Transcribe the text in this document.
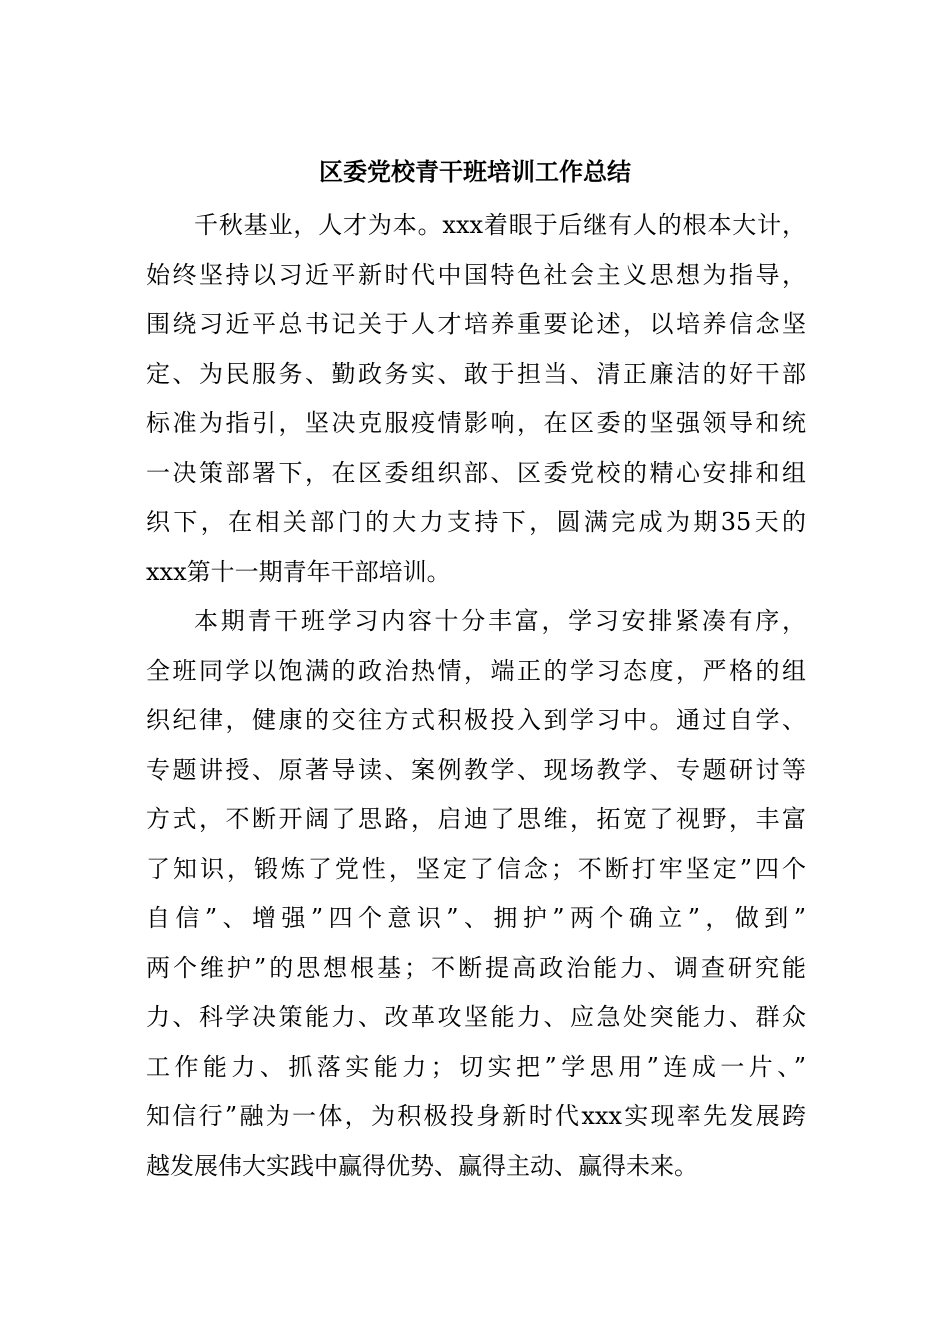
区委党校青干班培训工作总结
千秋基业，人才为本。xxx着眼于后继有人的根本大计，
始终坚持以习近平新时代中国特色社会主义思想为指导，
围绕习近平总书记关于人才培养重要论述，以培养信念坚
定、为民服务、勤政务实、敢于担当、清正廉洁的好干部
标准为指引，坚决克服疫情影响，在区委的坚强领导和统
一决策部署下，在区委组织部、区委党校的精心安排和组
织下，在相关部门的大力支持下，圆满完成为期35天的
xxx第十一期青年干部培训。
本期青干班学习内容十分丰富，学习安排紧凑有序，
全班同学以饱满的政治热情，端正的学习态度，严格的组
织纪律，健康的交往方式积极投入到学习中。通过自学、
专题讲授、原著导读、案例教学、现场教学、专题研讨等
方式，不断开阔了思路，启迪了思维，拓宽了视野，丰富
了知识，锻炼了党性，坚定了信念；不断打牢坚定”四个
自信”、增强”四个意识”、拥护”两个确立”，做到”
两个维护”的思想根基；不断提高政治能力、调查研究能
力、科学决策能力、改革攻坚能力、应急处突能力、群众
工作能力、抓落实能力；切实把”学思用”连成一片、”
知信行”融为一体，为积极投身新时代xxx实现率先发展跨
越发展伟大实践中赢得优势、赢得主动、赢得未来。
